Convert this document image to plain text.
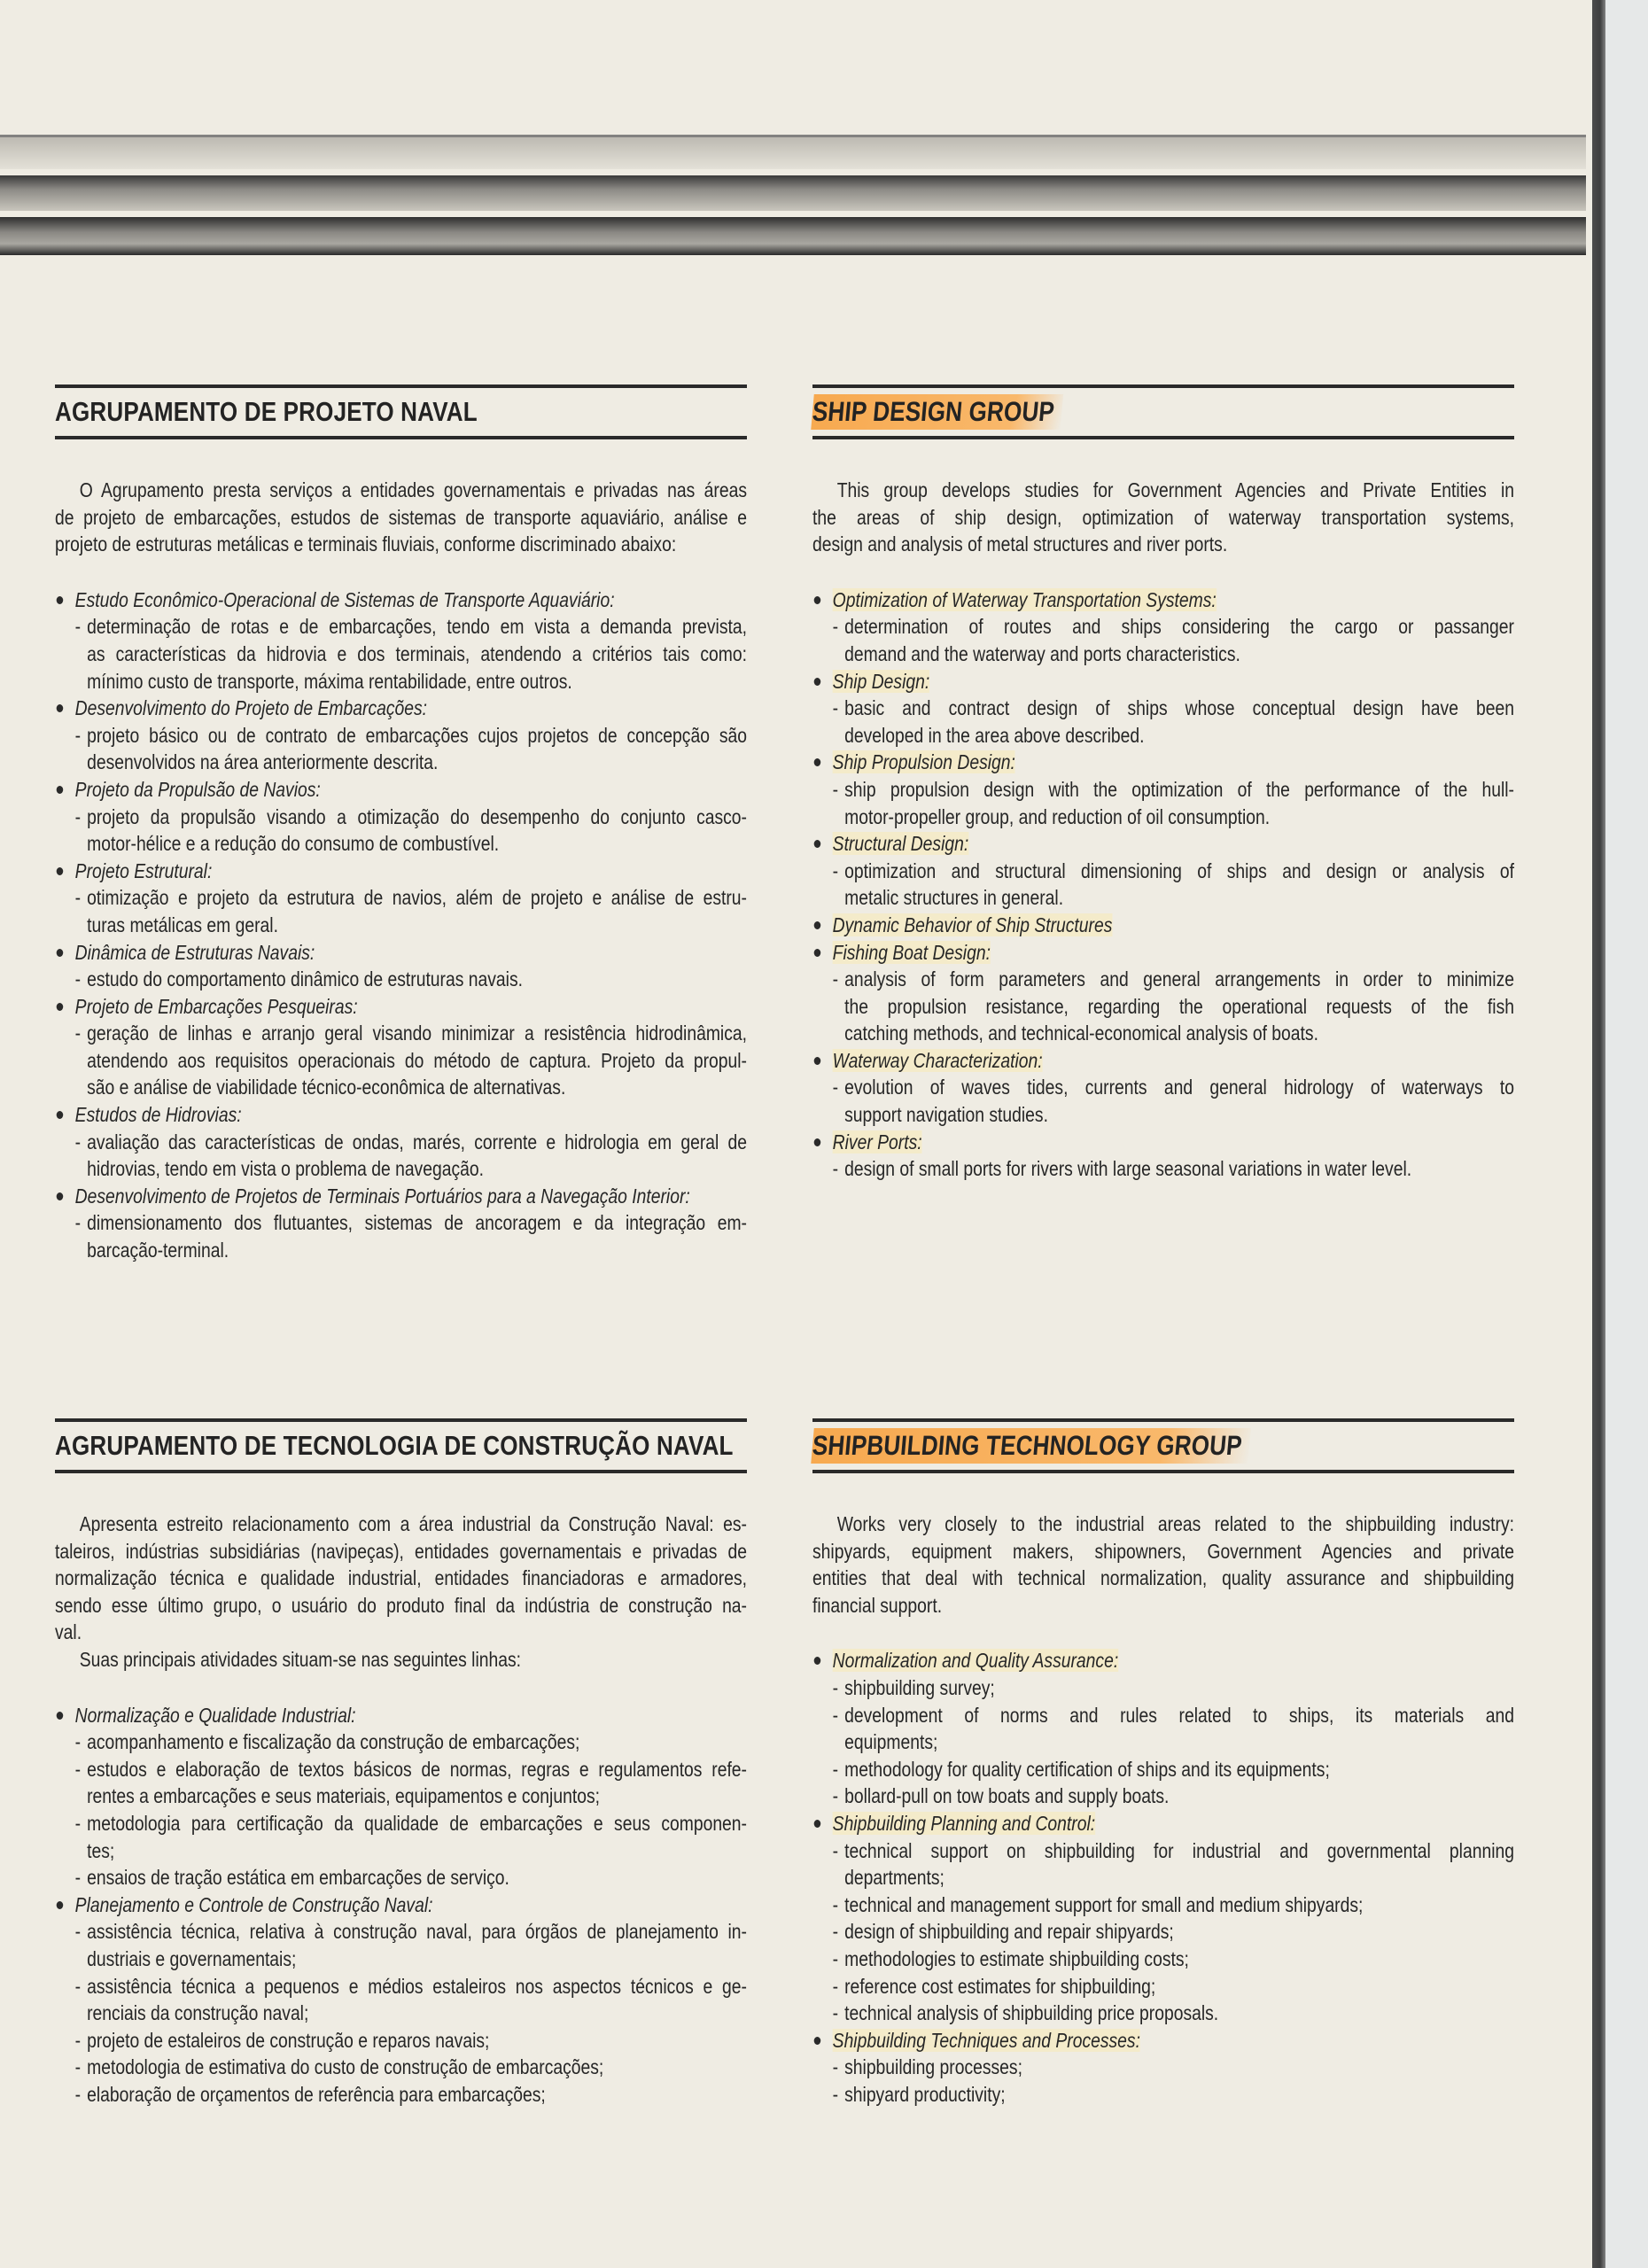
AGRUPAMENTO DE PROJETO NAVAL
O Agrupamento presta serviços a entidades governamentais e privadas nas áreas
de projeto de embarcações, estudos de sistemas de transporte aquaviário, análise e
projeto de estruturas metálicas e terminais fluviais, conforme discriminado abaixo:
Estudo Econômico-Operacional de Sistemas de Transporte Aquaviário:
- determinação de rotas e de embarcações, tendo em vista a demanda prevista,
as características da hidrovia e dos terminais, atendendo a critérios tais como:
mínimo custo de transporte, máxima rentabilidade, entre outros.
Desenvolvimento do Projeto de Embarcações:
- projeto básico ou de contrato de embarcações cujos projetos de concepção são
desenvolvidos na área anteriormente descrita.
Projeto da Propulsão de Navios:
- projeto da propulsão visando a otimização do desempenho do conjunto casco-
motor-hélice e a redução do consumo de combustível.
Projeto Estrutural:
- otimização e projeto da estrutura de navios, além de projeto e análise de estru-
turas metálicas em geral.
Dinâmica de Estruturas Navais:
- estudo do comportamento dinâmico de estruturas navais.
Projeto de Embarcações Pesqueiras:
- geração de linhas e arranjo geral visando minimizar a resistência hidrodinâmica,
atendendo aos requisitos operacionais do método de captura. Projeto da propul-
são e análise de viabilidade técnico-econômica de alternativas.
Estudos de Hidrovias:
- avaliação das características de ondas, marés, corrente e hidrologia em geral de
hidrovias, tendo em vista o problema de navegação.
Desenvolvimento de Projetos de Terminais Portuários para a Navegação Interior:
- dimensionamento dos flutuantes, sistemas de ancoragem e da integração em-
barcação-terminal.
SHIP DESIGN GROUP
This group develops studies for Government Agencies and Private Entities in
the areas of ship design, optimization of waterway transportation systems,
design and analysis of metal structures and river ports.
Optimization of Waterway Transportation Systems:
- determination of routes and ships considering the cargo or passanger
demand and the waterway and ports characteristics.
Ship Design:
- basic and contract design of ships whose conceptual design have been
developed in the area above described.
Ship Propulsion Design:
- ship propulsion design with the optimization of the performance of the hull-
motor-propeller group, and reduction of oil consumption.
Structural Design:
- optimization and structural dimensioning of ships and design or analysis of
metalic structures in general.
Dynamic Behavior of Ship Structures
Fishing Boat Design:
- analysis of form parameters and general arrangements in order to minimize
the propulsion resistance, regarding the operational requests of the fish
catching methods, and technical-economical analysis of boats.
Waterway Characterization:
- evolution of waves tides, currents and general hidrology of waterways to
support navigation studies.
River Ports:
- design of small ports for rivers with large seasonal variations in water level.
AGRUPAMENTO DE TECNOLOGIA DE CONSTRUÇÃO NAVAL
Apresenta estreito relacionamento com a área industrial da Construção Naval: es-
taleiros, indústrias subsidiárias (navipeças), entidades governamentais e privadas de
normalização técnica e qualidade industrial, entidades financiadoras e armadores,
sendo esse último grupo, o usuário do produto final da indústria de construção na-
val.
Suas principais atividades situam-se nas seguintes linhas:
Normalização e Qualidade Industrial:
- acompanhamento e fiscalização da construção de embarcações;
- estudos e elaboração de textos básicos de normas, regras e regulamentos refe-
rentes a embarcações e seus materiais, equipamentos e conjuntos;
- metodologia para certificação da qualidade de embarcações e seus componen-
tes;
- ensaios de tração estática em embarcações de serviço.
Planejamento e Controle de Construção Naval:
- assistência técnica, relativa à construção naval, para órgãos de planejamento in-
dustriais e governamentais;
- assistência técnica a pequenos e médios estaleiros nos aspectos técnicos e ge-
renciais da construção naval;
- projeto de estaleiros de construção e reparos navais;
- metodologia de estimativa do custo de construção de embarcações;
- elaboração de orçamentos de referência para embarcações;
SHIPBUILDING TECHNOLOGY GROUP
Works very closely to the industrial areas related to the shipbuilding industry:
shipyards, equipment makers, shipowners, Government Agencies and private
entities that deal with technical normalization, quality assurance and shipbuilding
financial support.
Normalization and Quality Assurance:
- shipbuilding survey;
- development of norms and rules related to ships, its materials and
equipments;
- methodology for quality certification of ships and its equipments;
- bollard-pull on tow boats and supply boats.
Shipbuilding Planning and Control:
- technical support on shipbuilding for industrial and governmental planning
departments;
- technical and management support for small and medium shipyards;
- design of shipbuilding and repair shipyards;
- methodologies to estimate shipbuilding costs;
- reference cost estimates for shipbuilding;
- technical analysis of shipbuilding price proposals.
Shipbuilding Techniques and Processes:
- shipbuilding processes;
- shipyard productivity;
